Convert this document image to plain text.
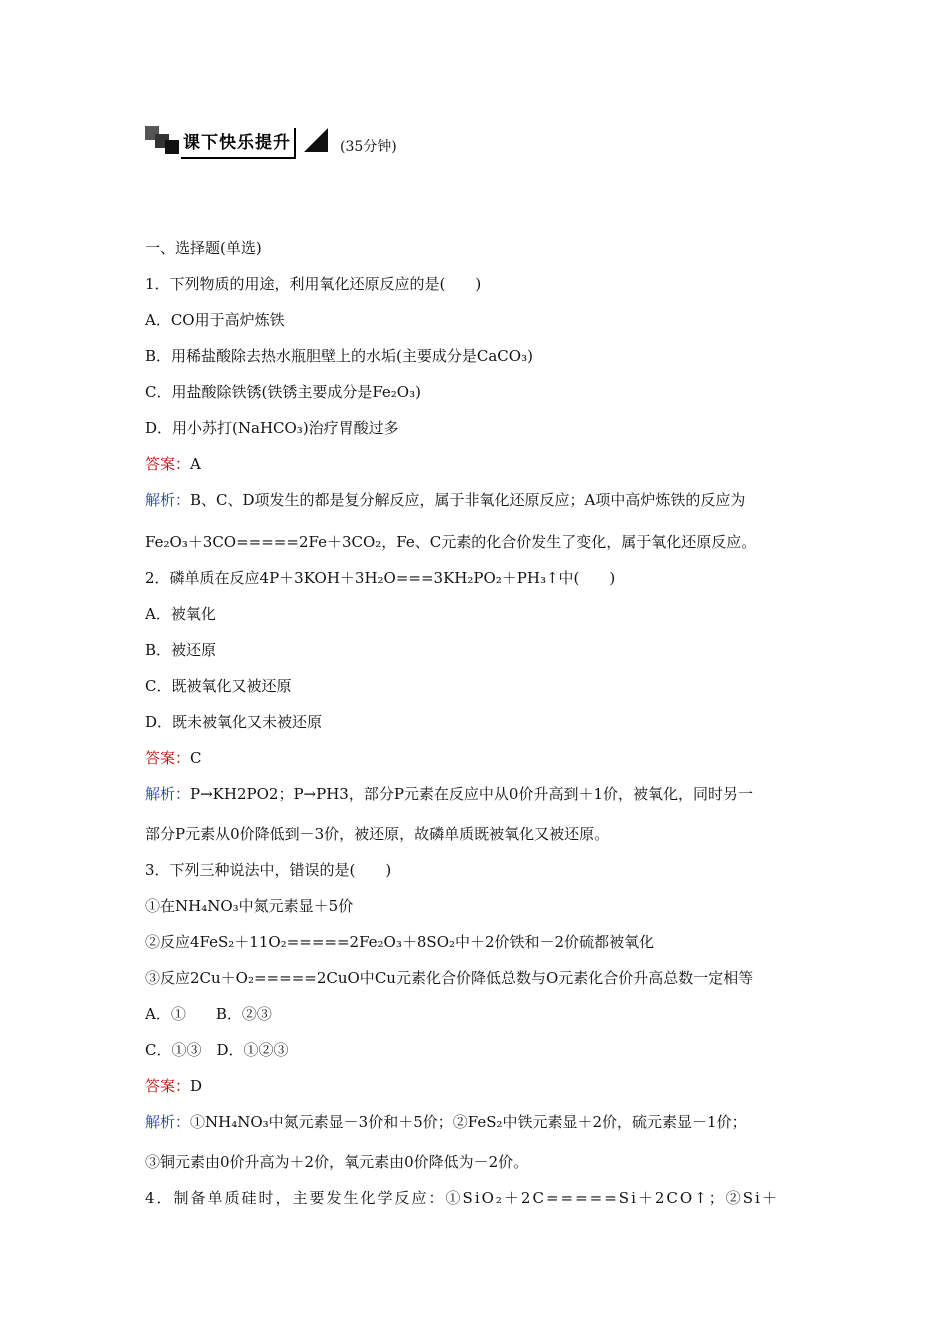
课下快乐提升	(35分钟)
一、选择题(单选)
1．下列物质的用途，利用氧化还原反应的是(　　)
A．CO用于高炉炼铁
B．用稀盐酸除去热水瓶胆壁上的水垢(主要成分是CaCO₃)
C．用盐酸除铁锈(铁锈主要成分是Fe₂O₃)
D．用小苏打(NaHCO₃)治疗胃酸过多
答案：A
解析：B、C、D项发生的都是复分解反应，属于非氧化还原反应；A项中高炉炼铁的反应为
Fe₂O₃＋3CO=====2Fe＋3CO₂，Fe、C元素的化合价发生了变化，属于氧化还原反应。
2．磷单质在反应4P＋3KOH＋3H₂O===3KH₂PO₂＋PH₃↑中(　　)
A．被氧化
B．被还原
C．既被氧化又被还原
D．既未被氧化又未被还原
答案：C
解析：P→KH2PO2；P→PH3，部分P元素在反应中从0价升高到＋1价，被氧化，同时另一
部分P元素从0价降低到－3价，被还原，故磷单质既被氧化又被还原。
3．下列三种说法中，错误的是(　　)
①在NH₄NO₃中氮元素显＋5价
②反应4FeS₂＋11O₂=====2Fe₂O₃＋8SO₂中＋2价铁和－2价硫都被氧化
③反应2Cu＋O₂=====2CuO中Cu元素化合价降低总数与O元素化合价升高总数一定相等
A．①　　B．②③
C．①③　D．①②③
答案：D
解析：①NH₄NO₃中氮元素显－3价和＋5价；②FeS₂中铁元素显＋2价，硫元素显－1价；
③铜元素由0价升高为＋2价，氧元素由0价降低为－2价。
4．制备单质硅时，主要发生化学反应：①SiO₂＋2C=====Si＋2CO↑；②Si＋
